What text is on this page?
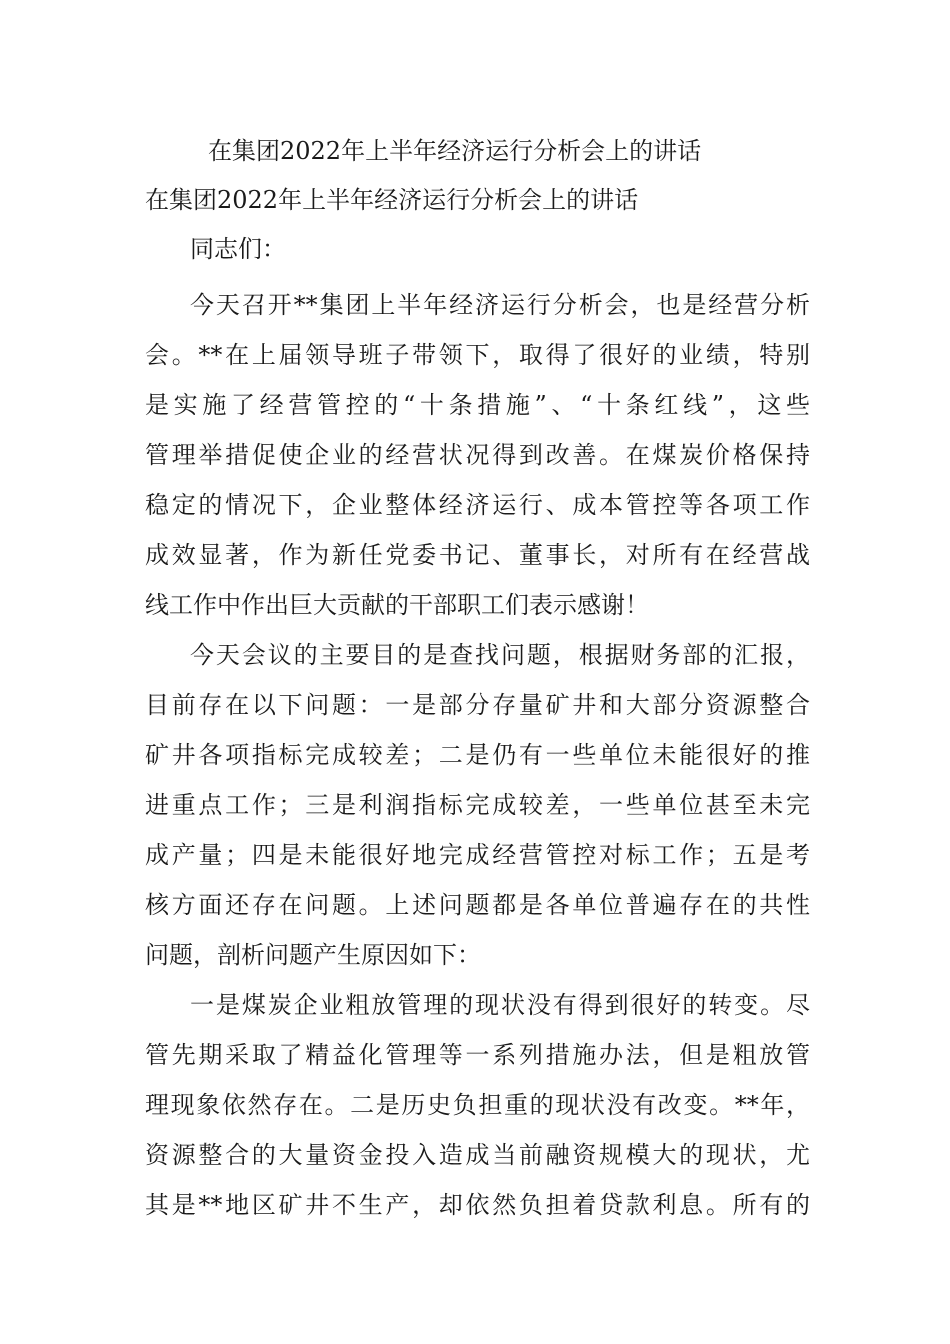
在集团2022年上半年经济运行分析会上的讲话
在集团2022年上半年经济运行分析会上的讲话

同志们：

今天召开**集团上半年经济运行分析会，也是经营分析
会。**在上届领导班子带领下，取得了很好的业绩，特别
是实施了经营管控的“十条措施”、“十条红线”，这些
管理举措促使企业的经营状况得到改善。在煤炭价格保持
稳定的情况下，企业整体经济运行、成本管控等各项工作
成效显著，作为新任党委书记、董事长，对所有在经营战
线工作中作出巨大贡献的干部职工们表示感谢！
今天会议的主要目的是查找问题，根据财务部的汇报，
目前存在以下问题：一是部分存量矿井和大部分资源整合
矿井各项指标完成较差；二是仍有一些单位未能很好的推
进重点工作；三是利润指标完成较差，一些单位甚至未完
成产量；四是未能很好地完成经营管控对标工作；五是考
核方面还存在问题。上述问题都是各单位普遍存在的共性
问题，剖析问题产生原因如下：
一是煤炭企业粗放管理的现状没有得到很好的转变。尽
管先期采取了精益化管理等一系列措施办法，但是粗放管
理现象依然存在。二是历史负担重的现状没有改变。**年，
资源整合的大量资金投入造成当前融资规模大的现状，尤
其是**地区矿井不生产，却依然负担着贷款利息。所有的
